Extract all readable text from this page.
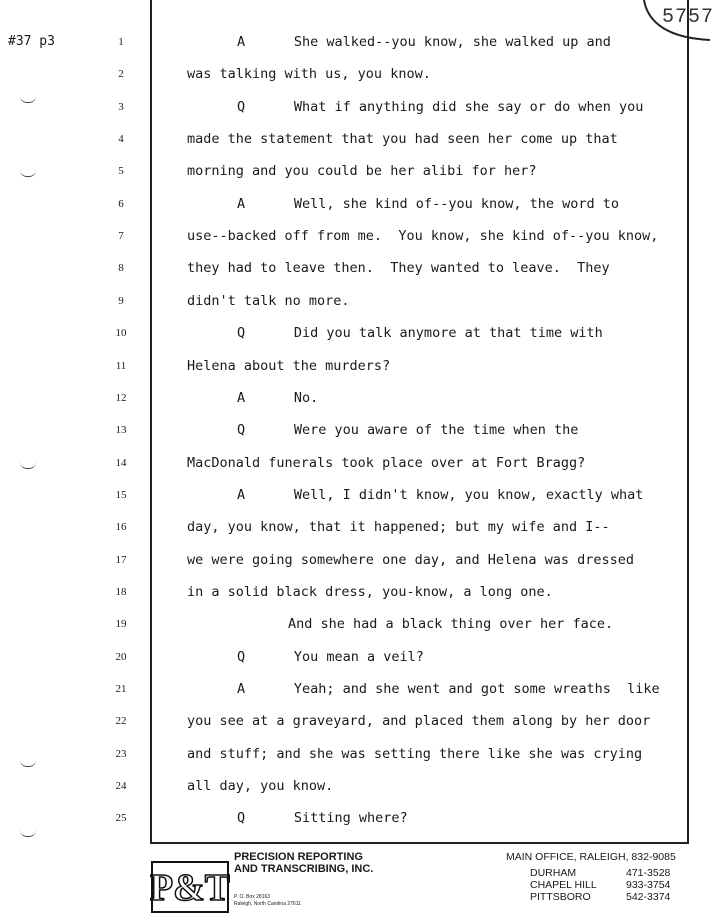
#37 p3
5757
1	A      She walked--you know, she walked up and
2	was talking with us, you know.
3	Q      What if anything did she say or do when you
4	made the statement that you had seen her come up that
5	morning and you could be her alibi for her?
6	A      Well, she kind of--you know, the word to
7	use--backed off from me.  You know, she kind of--you know,
8	they had to leave then.  They wanted to leave.  They
9	didn't talk no more.
10	Q      Did you talk anymore at that time with
11	Helena about the murders?
12	A      No.
13	Q      Were you aware of the time when the
14	MacDonald funerals took place over at Fort Bragg?
15	A      Well, I didn't know, you know, exactly what
16	day, you know, that it happened; but my wife and I--
17	we were going somewhere one day, and Helena was dressed
18	in a solid black dress, you-know, a long one.
19	And she had a black thing over her face.
20	Q      You mean a veil?
21	A      Yeah; and she went and got some wreaths  like
22	you see at a graveyard, and placed them along by her door
23	and stuff; and she was setting there like she was crying
24	all day, you know.
25	Q      Sitting where?
P&T
PRECISION REPORTING
AND TRANSCRIBING, INC.
P. O. Box 28163
Raleigh, North Carolina 27611
MAIN OFFICE, RALEIGH, 832-9085
DURHAM	471-3528
CHAPEL HILL	933-3754
PITTSBORO	542-3374
